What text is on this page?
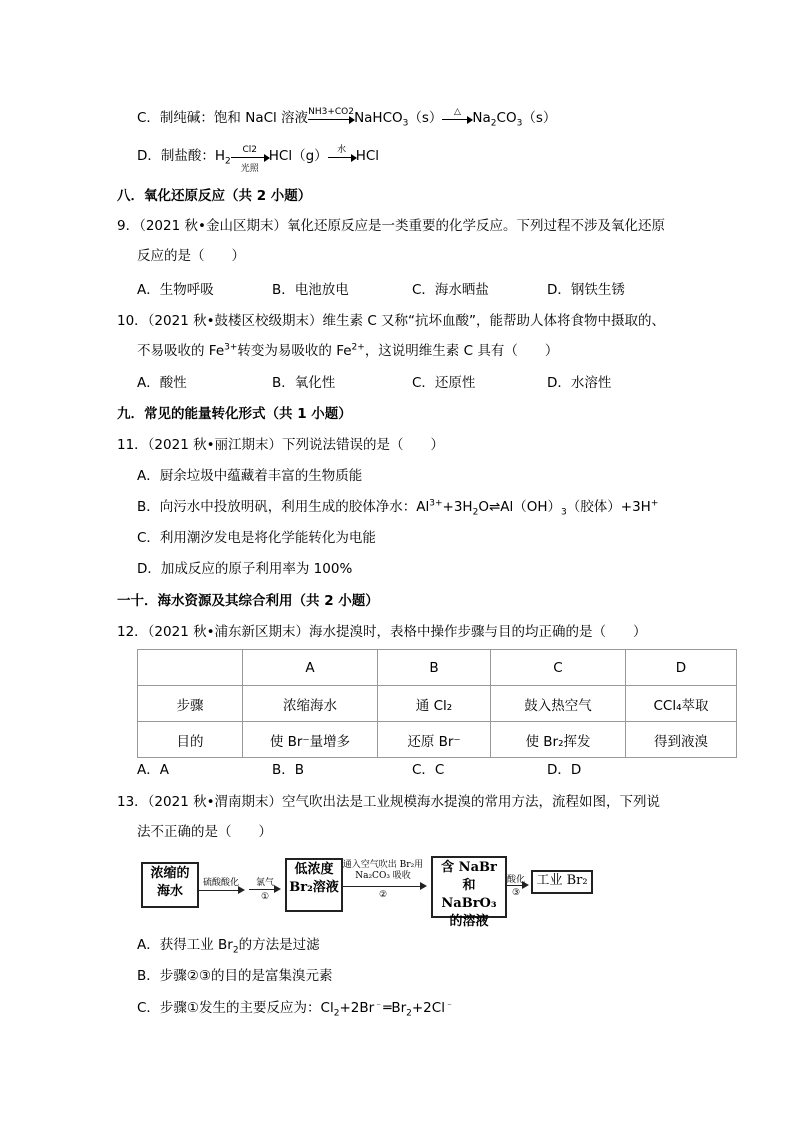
C．制纯碱：饱和 NaCl 溶液 NH3+CO2 NaHCO$_3$（s）	△ $Na_2CO_3(s)$
D．制盐酸：$H_2$
Cl2
光照
HCl（g）	水 HCl
八．氧化还原反应（共 2 小题）
9．（2021 秋•金山区期末）氧化还原反应是一类重要的化学反应。下列过程不涉及氧化还原
反应的是（　　）
A．生物呼吸	B．电池放电	C．海水晒盐	D．钢铁生锈
10．（2021 秋•鼓楼区校级期末）维生素 C 又称“抗坏血酸”，能帮助人体将食物中摄取的、
不易吸收的 $Fe^{3+}$转变为易吸收的 $Fe^{2+}$，这说明维生素 C 具有（　　）
A．酸性	B．氧化性	C．还原性	D．水溶性
九．常见的能量转化形式（共 1 小题）
11．（2021 秋•丽江期末）下列说法错误的是（　　）
A．厨余垃圾中蕴藏着丰富的生物质能
B．向污水中投放明矾，利用生成的胶体净水：$Al^{3+}+3H_2O\rightleftharpoons Al(OH)_3$（胶体）+3H+
C．利用潮汐发电是将化学能转化为电能
D．加成反应的原子利用率为 100%
一十．海水资源及其综合利用（共 2 小题）
12．（2021 秋•浦东新区期末）海水提溴时，表格中操作步骤与目的均正确的是（　　）
	A	B	C	D
步骤	浓缩海水	通 Cl₂	鼓入热空气	CCl₄萃取
目的	使 Br⁻量增多	还原 Br⁻	使 Br₂挥发	得到液溴
A．A	B．B	C．C	D．D
13．（2021 秋•渭南期末）空气吹出法是工业规模海水提溴的常用方法，流程如图，下列说
法不正确的是（　　）
浓缩的海水
硫酸酸化	氯气
①
低浓度Br₂溶液
通入空气吹出 Br₂用 Na₂CO₃ 吸收
②
含 NaBr 和NaBrO₃ 的溶液
酸化
③
工业 Br₂
A．获得工业 $Br_2$的方法是过滤
B．步骤②③的目的是富集溴元素
C．步骤①发生的主要反应为：$Cl_2+2Br^﹣═Br_2+2Cl^﹣$
